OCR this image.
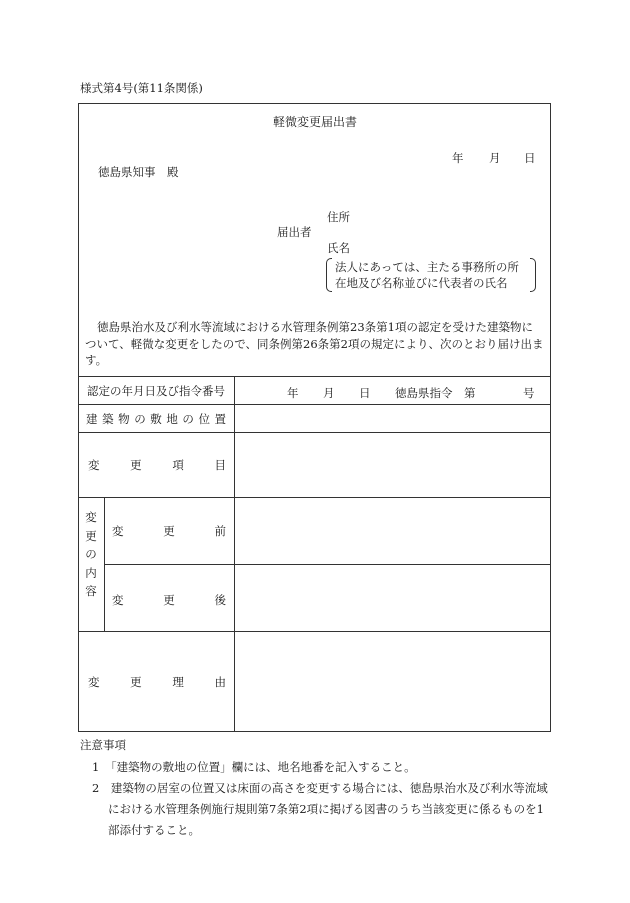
様式第4号(第11条関係)
軽微変更届出書
年 月 日
徳島県知事　殿
住所
届出者
氏名
法人にあっては、主たる事務所の所
在地及び名称並びに代表者の氏名

徳島県治水及び利水等流域における水管理条例第23条第1項の認定を受けた建築物に

ついて、軽微な変更をしたので、同条例第26条第2項の規定により、次のとおり届け出ま

す。

認定の年月日及び指令番号	年 月 日 徳島県指令　第	号
建 築 物 の 敷 地 の 位 置
変	更	項	目
変
更
の
内
容
変	更	前
変	更	後
変	更	理	由

注意事項

1　「建築物の敷地の位置」欄には、地名地番を記入すること。

2　建築物の居室の位置又は床面の高さを変更する場合には、徳島県治水及び利水等流域における水管理条例施行規則第7条第2項に掲げる図書のうち当該変更に係るものを1部添付すること。
